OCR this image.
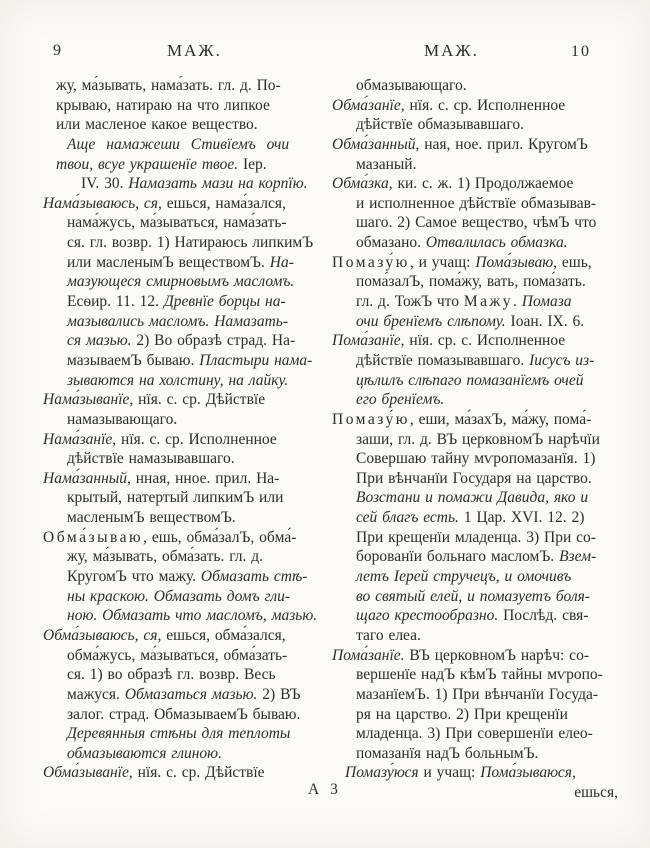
9	МАЖ.	МАЖ.	10
жу, ма́зывать, нама́зать. гл. д. По-
крываю, натираю на что липкое
или масленое какое вещество.
Аще намажеши Стивїемъ очи
твои, всуе украшенїе твое. Іер.
IV. 30. Намазать мази на корпїю.
Нама́зываюсь, ся, ешься, нама́зался,
нама́жусь, ма́зываться, нама́зать-
ся. гл. возвр. 1) Натираюсь липкимЪ
или масленымЪ веществомЪ. На-
мазующеся смирновымъ масломъ.
Есѳир. 11. 12. Древнїе борцы на-
мазывались масломъ. Намазать-
ся мазью. 2) Во образѣ страд. На-
мазываемЪ бываю. Пластыри нама-
зываются на холстину, на лайку.
Нама́зыванїе, нїя. с. ср. Дѣйствїе
намазывающаго.
Нама́занїе, нїя. с. ср. Исполненное
дѣйствїе намазывавшаго.
Нама́занный, нная, нное. прил. На-
крытый, натертый липкимЪ или
масленымЪ веществомЪ.
Обма́зываю, ешь, обма́залЪ, обма́-
жу, ма́зывать, обма́зать. гл. д.
КругомЪ что мажу. Обмазать стѣ-
ны краскою. Обмазать домъ гли-
ною. Обмазать что масломъ, мазью.
Обма́зываюсь, ся, ешься, обма́зался,
обма́жусь, ма́зываться, обма́зать-
ся. 1) во образѣ гл. возвр. Весь
мажуся. Обмазаться мазью. 2) ВЪ
залог. страд. ОбмазываемЪ бываю.
Деревянныя стѣны для теплоты
обмазываются глиною.
Обма́зыванїе, нїя. с. ср. Дѣйствїе
обмазывающаго.
Обма́занїе, нїя. с. ср. Исполненное
дѣйствїе обмазывавшаго.
Обма́занный, ная, ное. прил. КругомЪ
мазаный.
Обма́зка, ки. с. ж. 1) Продолжаемое
и исполненное дѣйствїе обмазывав-
шаго. 2) Самое вещество, чѣмЪ что
обмазано. Отвалилась обмазка.
Помазу́ю, и учащ: Пома́зываю, ешь,
пома́залЪ, пома́жу, вать, пома́зать.
гл. д. ТожЪ что Мажу. Помаза
очи бренїемъ слѣпому. Іоан. IX. 6.
Пома́занїе, нїя. ср. с. Исполненное
дѣйствїе помазывавшаго. Іисусъ из-
цѣлилъ слѣпаго помазанїемъ очей
его бренїемъ.
Помазу́ю, еши, ма́захЪ, ма́жу, пома́-
заши, гл. д. ВЪ церковномЪ нарѣчїи
Совершаю тайну мѵропомазанїя. 1)
При вѣнчанїи Государя на царство.
Возстани и помажи Давида, яко и
сей благъ есть. 1 Цар. XVI. 12. 2)
При крещенїи младенца. 3) При со-
борованїи больнаго масломЪ. Взем-
летъ Іерей стручецъ, и омочивъ
во святый елей, и помазуетъ боля-
щаго крестообразно. Послѣд. свя-
таго елеа.
Пома́занїе. ВЪ церковномЪ нарѣч: со-
вершенїе надЪ кѣмЪ тайны мѵропо-
мазанїемЪ. 1) При вѣнчанїи Госуда-
ря на царство. 2) При крещенїи
младенца. 3) При совершенїи елео-
помазанїя надЪ больнымЪ.
Помазу́юся и учащ: Пома́зываюся,
ешься,
А 3
